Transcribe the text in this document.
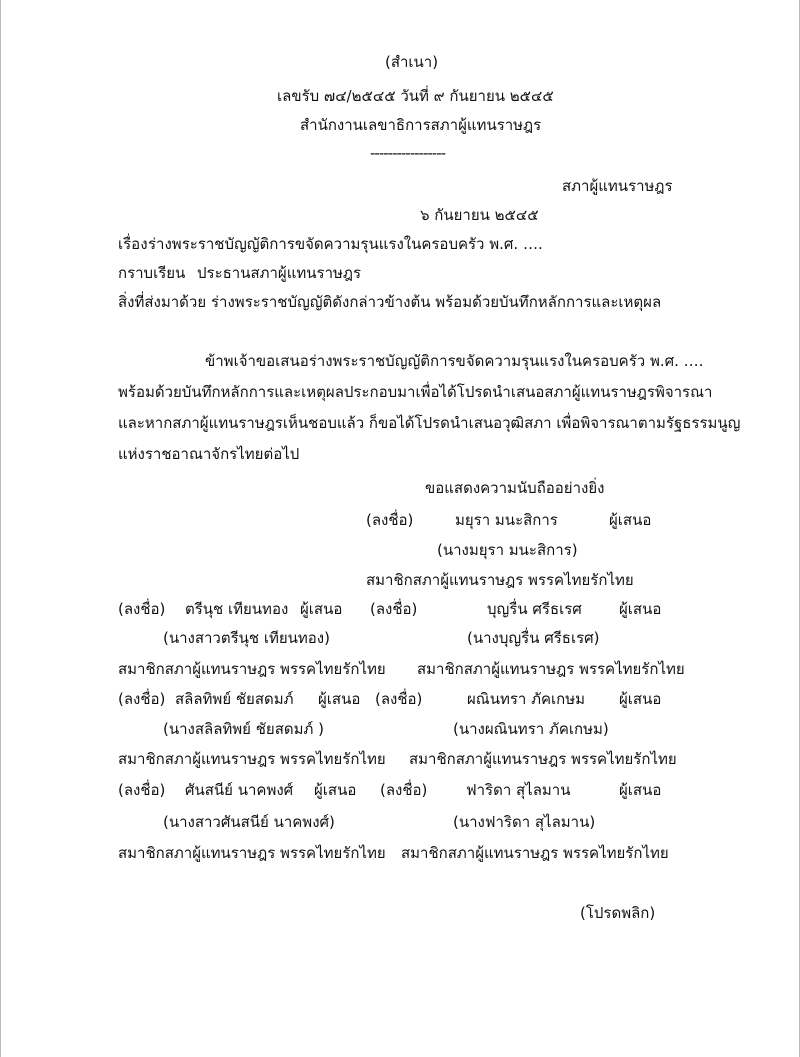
(สำเนา)
เลขรับ ๗๔/๒๕๔๕ วันที่ ๙ กันยายน ๒๕๔๕
สำนักงานเลขาธิการสภาผู้แทนราษฎร
-----------------
สภาผู้แทนราษฎร
๖ กันยายน ๒๕๔๕
เรื่อง ร่างพระราชบัญญัติการขจัดความรุนแรงในครอบครัว พ.ศ. ….
กราบเรียน ประธานสภาผู้แทนราษฎร
สิ่งที่ส่งมาด้วย ร่างพระราชบัญญัติดังกล่าวข้างต้น พร้อมด้วยบันทึกหลักการและเหตุผล
ข้าพเจ้าขอเสนอร่างพระราชบัญญัติการขจัดความรุนแรงในครอบครัว พ.ศ. ….
พร้อมด้วยบันทึกหลักการและเหตุผลประกอบมาเพื่อได้โปรดนำเสนอสภาผู้แทนราษฎรพิจารณา
และหากสภาผู้แทนราษฎรเห็นชอบแล้ว ก็ขอได้โปรดนำเสนอวุฒิสภา เพื่อพิจารณาตามรัฐธรรมนูญ
แห่งราชอาณาจักรไทยต่อไป
ขอแสดงความนับถืออย่างยิ่ง
(ลงชื่อ)	มยุรา มนะสิการ	ผู้เสนอ
(นางมยุรา มนะสิการ)
สมาชิกสภาผู้แทนราษฎร พรรคไทยรักไทย
(ลงชื่อ) ตรีนุช เทียนทอง ผู้เสนอ (ลงชื่อ)	บุญรื่น ศรีธเรศ ผู้เสนอ
(นางสาวตรีนุช เทียนทอง)	(นางบุญรื่น ศรีธเรศ)
สมาชิกสภาผู้แทนราษฎร พรรคไทยรักไทย สมาชิกสภาผู้แทนราษฎร พรรคไทยรักไทย
(ลงชื่อ) สลิลทิพย์ ชัยสดมภ์ ผู้เสนอ (ลงชื่อ)	ผณินทรา ภัคเกษม ผู้เสนอ
(นางสลิลทิพย์ ชัยสดมภ์ )	(นางผณินทรา ภัคเกษม)
สมาชิกสภาผู้แทนราษฎร พรรคไทยรักไทย สมาชิกสภาผู้แทนราษฎร พรรคไทยรักไทย
(ลงชื่อ) ศันสนีย์ นาคพงศ์ ผู้เสนอ (ลงชื่อ)	ฟาริดา สุไลมาน	ผู้เสนอ
(นางสาวศันสนีย์ นาคพงศ์)	(นางฟาริดา สุไลมาน)
สมาชิกสภาผู้แทนราษฎร พรรคไทยรักไทย สมาชิกสภาผู้แทนราษฎร พรรคไทยรักไทย
(โปรดพลิก)
